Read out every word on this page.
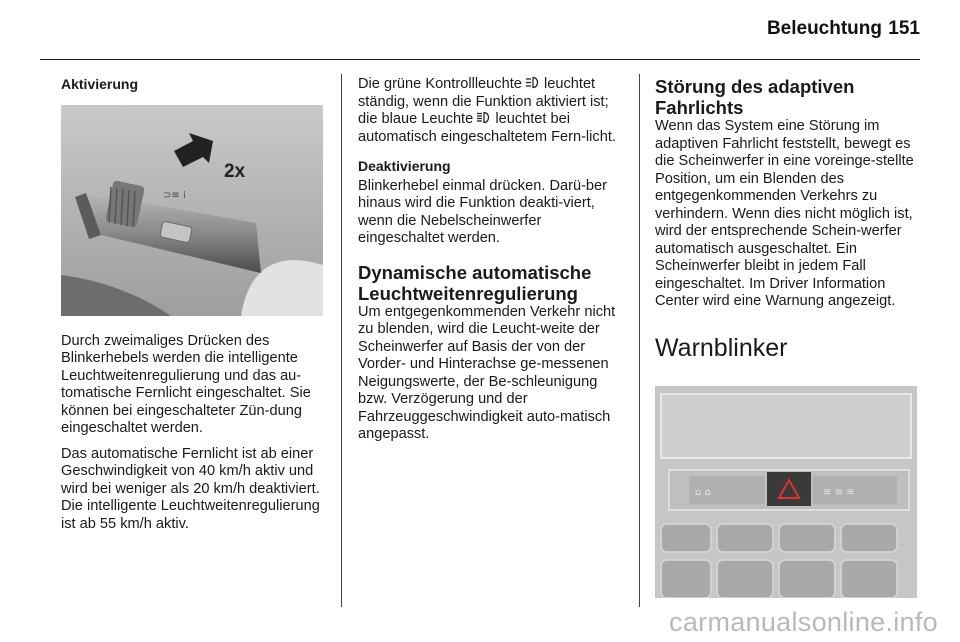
Beleuchtung 151
Aktivierung
⊃≡ ⁞
2x

Durch zweimaliges Drücken des Blinkerhebels werden die intelligente Leuchtweitenregulierung und das au‐tomatische Fernlicht eingeschaltet. Sie können bei eingeschalteter Zün‐dung eingeschaltet werden.

Das automatische Fernlicht ist ab einer Geschwindigkeit von 40 km/h aktiv und wird bei weniger als 20 km/h deaktiviert. Die intelligente Leuchtweitenregulierung ist ab 55 km/h aktiv.

Die grüne Kontrollleuchte leuchtet ständig, wenn die Funktion aktiviert ist; die blaue Leuchte leuchtet bei automatisch eingeschaltetem Fern‐licht.

Deaktivierung

Blinkerhebel einmal drücken. Darü‐ber hinaus wird die Funktion deakti‐viert, wenn die Nebelscheinwerfer eingeschaltet werden.

Dynamische automatische Leuchtweitenregulierung

Um entgegenkommenden Verkehr nicht zu blenden, wird die Leucht‐weite der Scheinwerfer auf Basis der von der Vorder- und Hinterachse ge‐messenen Neigungswerte, der Be‐schleunigung bzw. Verzögerung und der Fahrzeuggeschwindigkeit auto‐matisch angepasst.

Störung des adaptiven Fahrlichts

Wenn das System eine Störung im adaptiven Fahrlicht feststellt, bewegt es die Scheinwerfer in eine voreinge‐stellte Position, um ein Blenden des entgegenkommenden Verkehrs zu verhindern. Wenn dies nicht möglich ist, wird der entsprechende Schein‐werfer automatisch ausgeschaltet. Ein Scheinwerfer bleibt in jedem Fall eingeschaltet. Im Driver Information Center wird eine Warnung angezeigt.

Warnblinker
⌂ ⌂	≋ ≋ ≋
carmanualsonline.info
